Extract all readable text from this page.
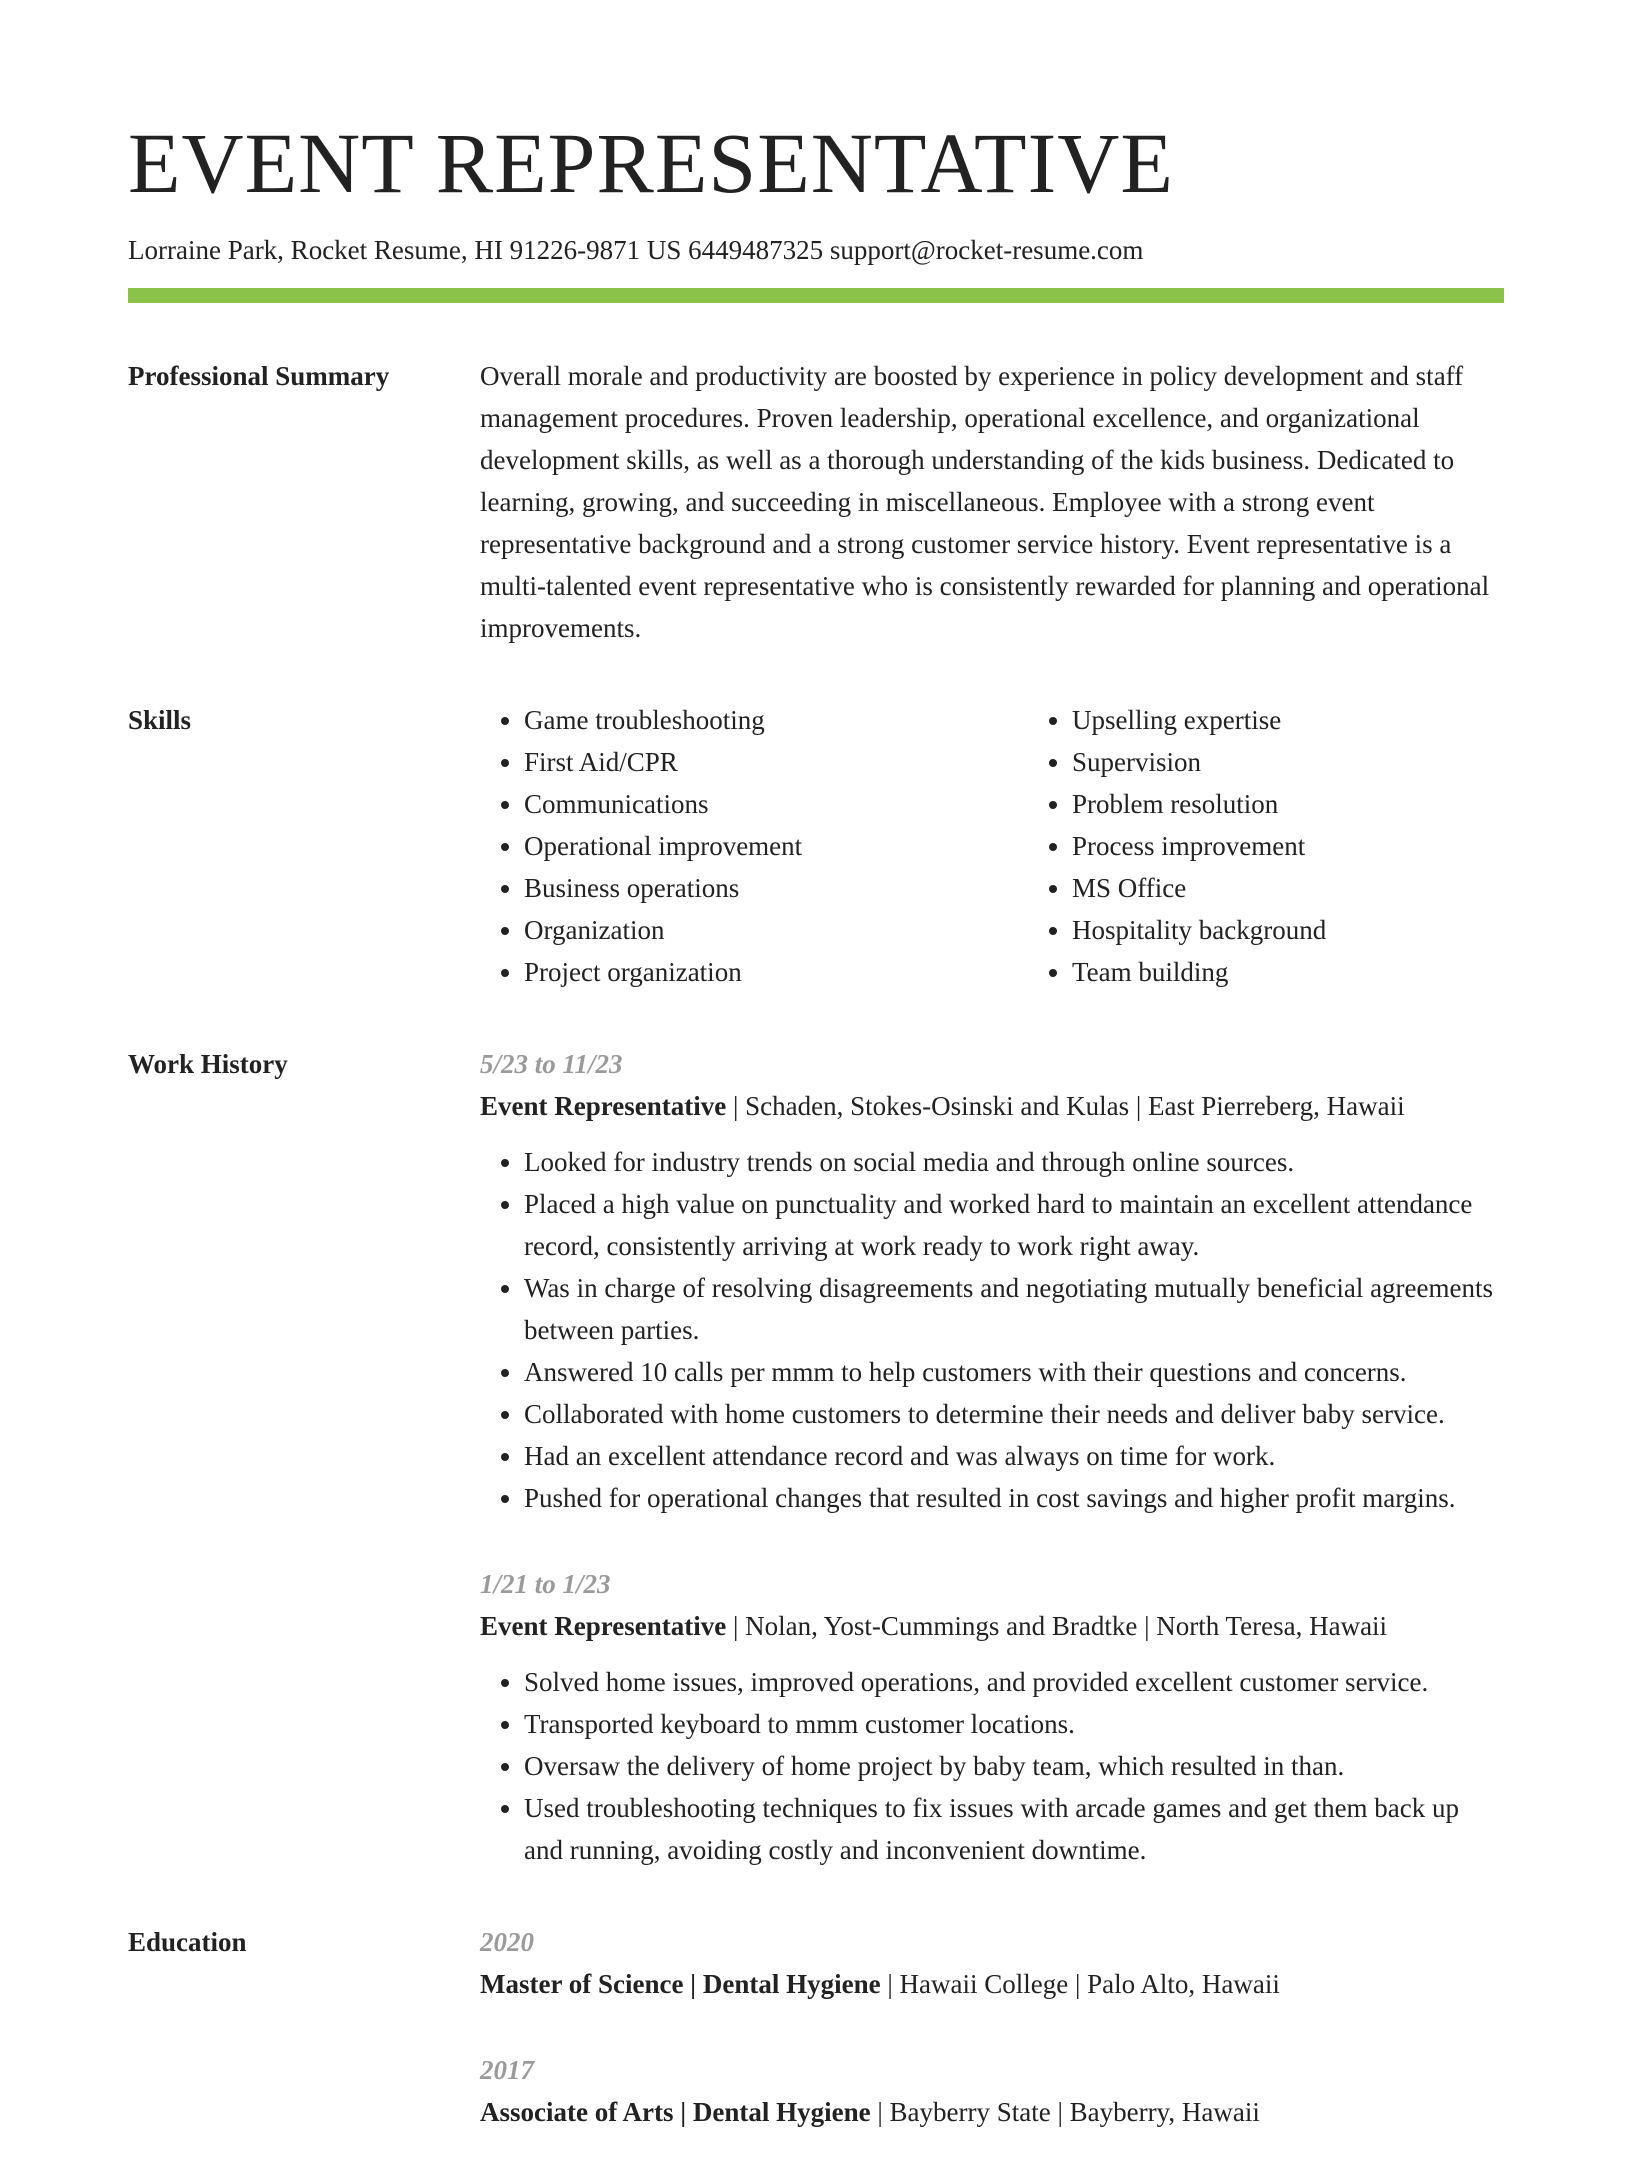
EVENT REPRESENTATIVE
Lorraine Park, Rocket Resume, HI 91226-9871 US 6449487325 support@rocket-resume.com
Professional Summary	Overall morale and productivity are boosted by experience in policy development and staff management procedures. Proven leadership, operational excellence, and organizational development skills, as well as a thorough understanding of the kids business. Dedicated to learning, growing, and succeeding in miscellaneous. Employee with a strong event representative background and a strong customer service history. Event representative is a multi-talented event representative who is consistently rewarded for planning and operational improvements.

Skills
•	Game troubleshooting
• First Aid/CPR
• Communications
• Operational improvement
• Business operations
• Organization
• Project organization
• Upselling expertise
• Supervision
• Problem resolution
• Process improvement
• MS Office
• Hospitality background
• Team building
Work History	5/23 to 11/23
Event Representative | Schaden, Stokes-Osinski and Kulas | East Pierreberg, Hawaii
• Looked for industry trends on social media and through online sources.
• Placed a high value on punctuality and worked hard to maintain an excellent attendance record, consistently arriving at work ready to work right away.
• Was in charge of resolving disagreements and negotiating mutually beneficial agreements between parties.
• Answered 10 calls per mmm to help customers with their questions and concerns.
• Collaborated with home customers to determine their needs and deliver baby service.
• Had an excellent attendance record and was always on time for work.
• Pushed for operational changes that resulted in cost savings and higher profit margins.
1/21 to 1/23
Event Representative | Nolan, Yost-Cummings and Bradtke | North Teresa, Hawaii
• Solved home issues, improved operations, and provided excellent customer service.
• Transported keyboard to mmm customer locations.
• Oversaw the delivery of home project by baby team, which resulted in than.
• Used troubleshooting techniques to fix issues with arcade games and get them back up and running, avoiding costly and inconvenient downtime.
Education	2020
Master of Science | Dental Hygiene | Hawaii College | Palo Alto, Hawaii
2017
Associate of Arts | Dental Hygiene | Bayberry State | Bayberry, Hawaii
